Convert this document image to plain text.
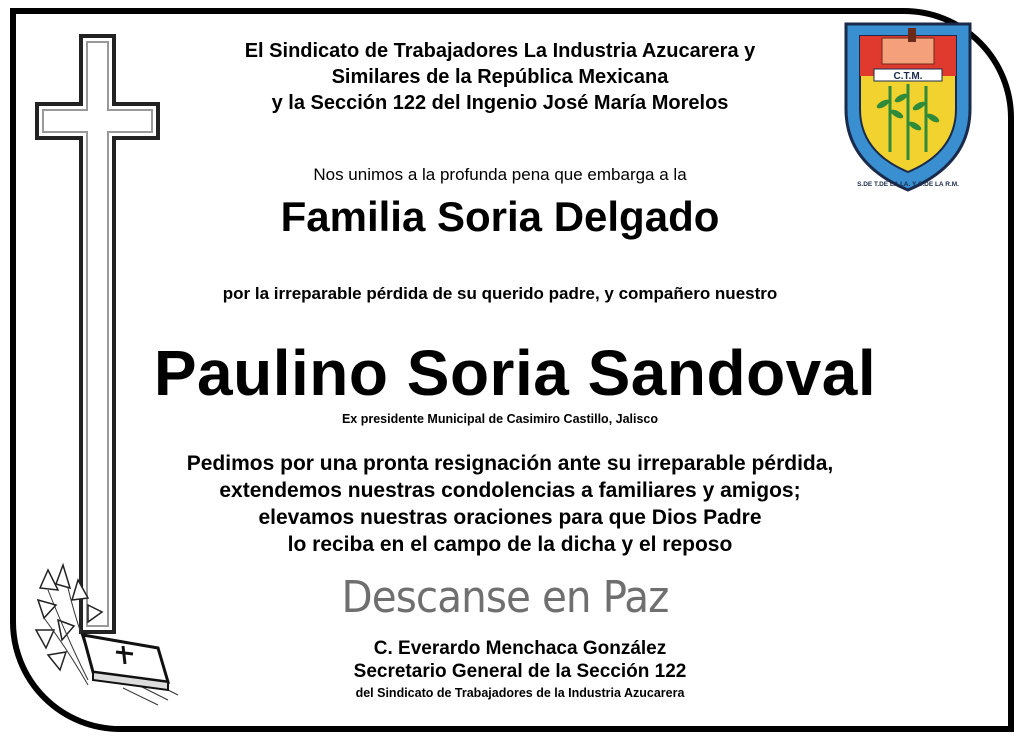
C.T.M.
S.DE T.DE LA I.A. Y S.DE LA R.M.
El Sindicato de Trabajadores La Industria Azucarera y
Similares de la República Mexicana
y la Sección 122 del Ingenio José María Morelos
Nos unimos a la profunda pena que embarga a la
Familia Soria Delgado
por la irreparable pérdida de su querido padre, y compañero nuestro
Paulino Soria Sandoval
Ex presidente Municipal de Casimiro Castillo, Jalisco
Pedimos por una pronta resignación ante su irreparable pérdida,
extendemos nuestras condolencias a familiares y amigos;
elevamos nuestras oraciones para que Dios Padre
lo reciba en el campo de la dicha y el reposo
Descanse en Paz
C. Everardo Menchaca González
Secretario General de la Sección 122
del Sindicato de Trabajadores de la Industria Azucarera
